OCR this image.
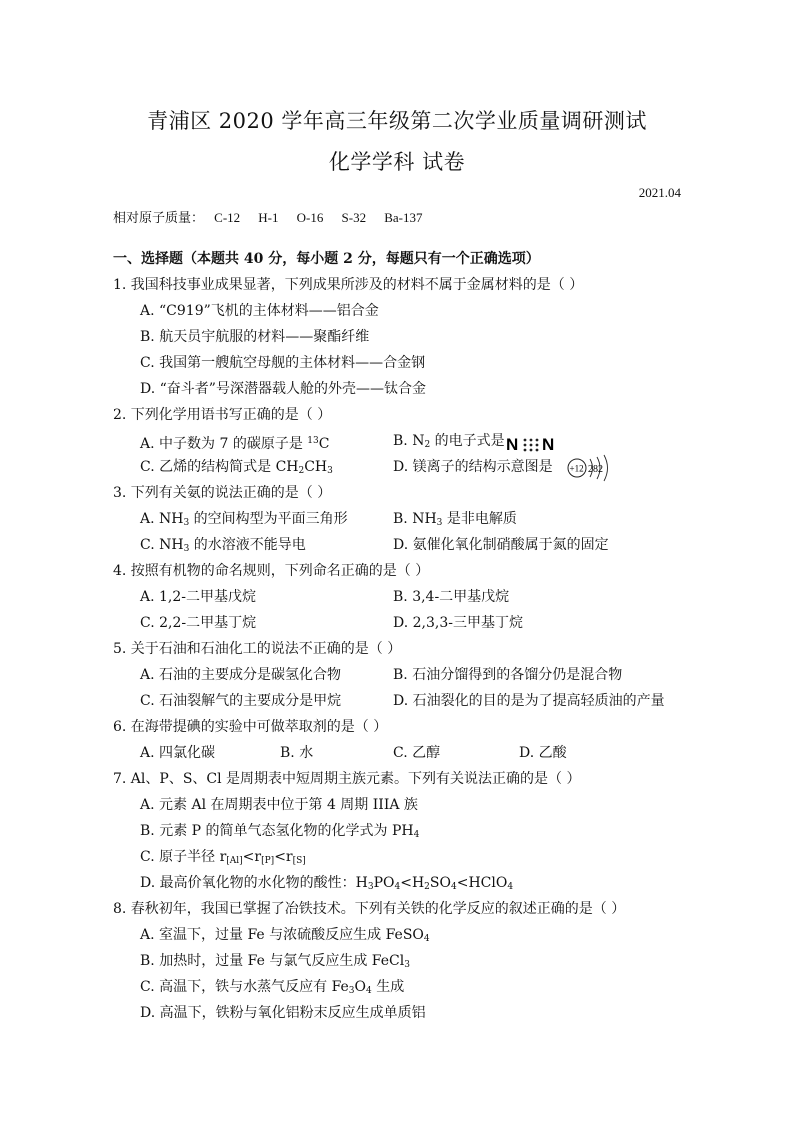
青浦区 2020 学年高三年级第二次学业质量调研测试
化学学科 试卷
2021.04
相对原子质量： C-12 H-1 O-16 S-32 Ba-137
一、选择题（本题共 40 分，每小题 2 分，每题只有一个正确选项）
1. 我国科技事业成果显著，下列成果所涉及的材料不属于金属材料的是（ ）
A. “C919”飞机的主体材料——铝合金
B. 航天员宇航服的材料——聚酯纤维
C. 我国第一艘航空母舰的主体材料——合金钢
D. “奋斗者”号深潜器载人舱的外壳——钛合金
2. 下列化学用语书写正确的是（ ）
A. 中子数为 7 的碳原子是 $^{13}$C	B. $N_2$ 的电子式是 N N
C. 乙烯的结构简式是 $CH_2CH_3$	D. 镁离子的结构示意图是 +12 282
3. 下列有关氨的说法正确的是（ ）
A. $NH_3$ 的空间构型为平面三角形	B. $NH_3$ 是非电解质
C. $NH_3$ 的水溶液不能导电	D. 氨催化氧化制硝酸属于氮的固定
4. 按照有机物的命名规则，下列命名正确的是（ ）
A. 1,2-二甲基戊烷	B. 3,4-二甲基戊烷
C. 2,2-二甲基丁烷	D. 2,3,3-三甲基丁烷
5. 关于石油和石油化工的说法不正确的是（ ）
A. 石油的主要成分是碳氢化合物	B. 石油分馏得到的各馏分仍是混合物
C. 石油裂解气的主要成分是甲烷	D. 石油裂化的目的是为了提高轻质油的产量
6. 在海带提碘的实验中可做萃取剂的是（ ）
A. 四氯化碳	B. 水	C. 乙醇	D. 乙酸
7. Al、P、S、Cl 是周期表中短周期主族元素。下列有关说法正确的是（ ）
A. 元素 Al 在周期表中位于第 4 周期 IIIA 族
B. 元素 P 的简单气态氢化物的化学式为 $PH_4$
C. 原子半径 $r_{[Al]}<r_{[P]}<r_{[S]}$
D. 最高价氧化物的水化物的酸性：$H_3PO_4<H_2SO_4<HClO_4$
8. 春秋初年，我国已掌握了冶铁技术。下列有关铁的化学反应的叙述正确的是（ ）
A. 室温下，过量 Fe 与浓硫酸反应生成 FeSO$_4$
B. 加热时，过量 Fe 与氯气反应生成 FeCl$_3$
C. 高温下，铁与水蒸气反应有 $Fe_3O_4$ 生成
D. 高温下，铁粉与氧化铝粉末反应生成单质铝
